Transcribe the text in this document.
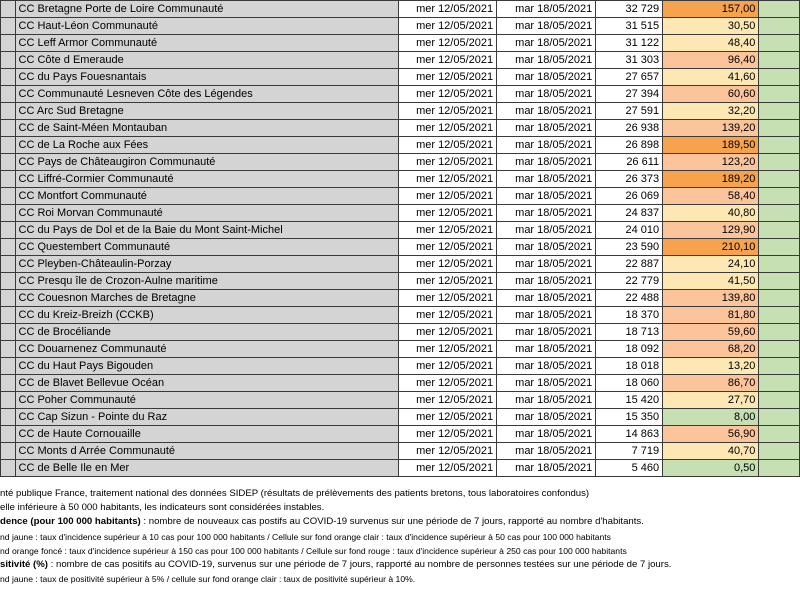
	CC Bretagne Porte de Loire Communauté	mer 12/05/2021	mar 18/05/2021	32 729	157,00	
	CC Haut-Léon Communauté	mer 12/05/2021	mar 18/05/2021	31 515	30,50	
	CC Leff Armor Communauté	mer 12/05/2021	mar 18/05/2021	31 122	48,40	
	CC Côte d Emeraude	mer 12/05/2021	mar 18/05/2021	31 303	96,40	
	CC du Pays Fouesnantais	mer 12/05/2021	mar 18/05/2021	27 657	41,60	
	CC Communauté Lesneven Côte des Légendes	mer 12/05/2021	mar 18/05/2021	27 394	60,60	
	CC Arc Sud Bretagne	mer 12/05/2021	mar 18/05/2021	27 591	32,20	
	CC de Saint-Méen Montauban	mer 12/05/2021	mar 18/05/2021	26 938	139,20	
	CC de La Roche aux Fées	mer 12/05/2021	mar 18/05/2021	26 898	189,50	
	CC Pays de Châteaugiron Communauté	mer 12/05/2021	mar 18/05/2021	26 611	123,20	
	CC Liffré-Cormier Communauté	mer 12/05/2021	mar 18/05/2021	26 373	189,20	
	CC Montfort Communauté	mer 12/05/2021	mar 18/05/2021	26 069	58,40	
	CC Roi Morvan Communauté	mer 12/05/2021	mar 18/05/2021	24 837	40,80	
	CC du Pays de Dol et de la Baie du Mont Saint-Michel	mer 12/05/2021	mar 18/05/2021	24 010	129,90	
	CC Questembert Communauté	mer 12/05/2021	mar 18/05/2021	23 590	210,10	
	CC Pleyben-Châteaulin-Porzay	mer 12/05/2021	mar 18/05/2021	22 887	24,10	
	CC Presqu île de Crozon-Aulne maritime	mer 12/05/2021	mar 18/05/2021	22 779	41,50	
	CC Couesnon Marches de Bretagne	mer 12/05/2021	mar 18/05/2021	22 488	139,80	
	CC du Kreiz-Breizh (CCKB)	mer 12/05/2021	mar 18/05/2021	18 370	81,80	
	CC de Brocéliande	mer 12/05/2021	mar 18/05/2021	18 713	59,60	
	CC Douarnenez Communauté	mer 12/05/2021	mar 18/05/2021	18 092	68,20	
	CC du Haut Pays Bigouden	mer 12/05/2021	mar 18/05/2021	18 018	13,20	
	CC de Blavet Bellevue Océan	mer 12/05/2021	mar 18/05/2021	18 060	86,70	
	CC Poher Communauté	mer 12/05/2021	mar 18/05/2021	15 420	27,70	
	CC Cap Sizun - Pointe du Raz	mer 12/05/2021	mar 18/05/2021	15 350	8,00	
	CC de Haute Cornouaille	mer 12/05/2021	mar 18/05/2021	14 863	56,90	
	CC Monts d Arrée Communauté	mer 12/05/2021	mar 18/05/2021	7 719	40,70	
	CC de Belle Ile en Mer	mer 12/05/2021	mar 18/05/2021	5 460	0,50	
nté publique France, traitement national des données SIDEP (résultats de prélèvements des patients bretons, tous laboratoires confondus)
elle inférieure à 50 000 habitants, les indicateurs sont considérées instables.
dence (pour 100 000 habitants) : nombre de nouveaux cas postifs au COVID-19 survenus sur une période de 7 jours, rapporté au nombre d'habitants.
nd jaune : taux d'incidence supérieur à 10 cas pour 100 000 habitants / Cellule sur fond orange clair : taux d'incidence supérieur à 50 cas pour 100 000 habitants
nd orange foncé : taux d'incidence supérieur à 150 cas pour 100 000 habitants / Cellule sur fond rouge : taux d'incidence supérieur à 250 cas pour 100 000 habitants
sitivité (%) : nombre de cas positifs au COVID-19, survenus sur une période de 7 jours, rapporté au nombre de personnes testées sur une période de 7 jours.
nd jaune : taux de positivité supérieur à 5% / cellule sur fond orange clair : taux de positivité supérieur à 10%.
